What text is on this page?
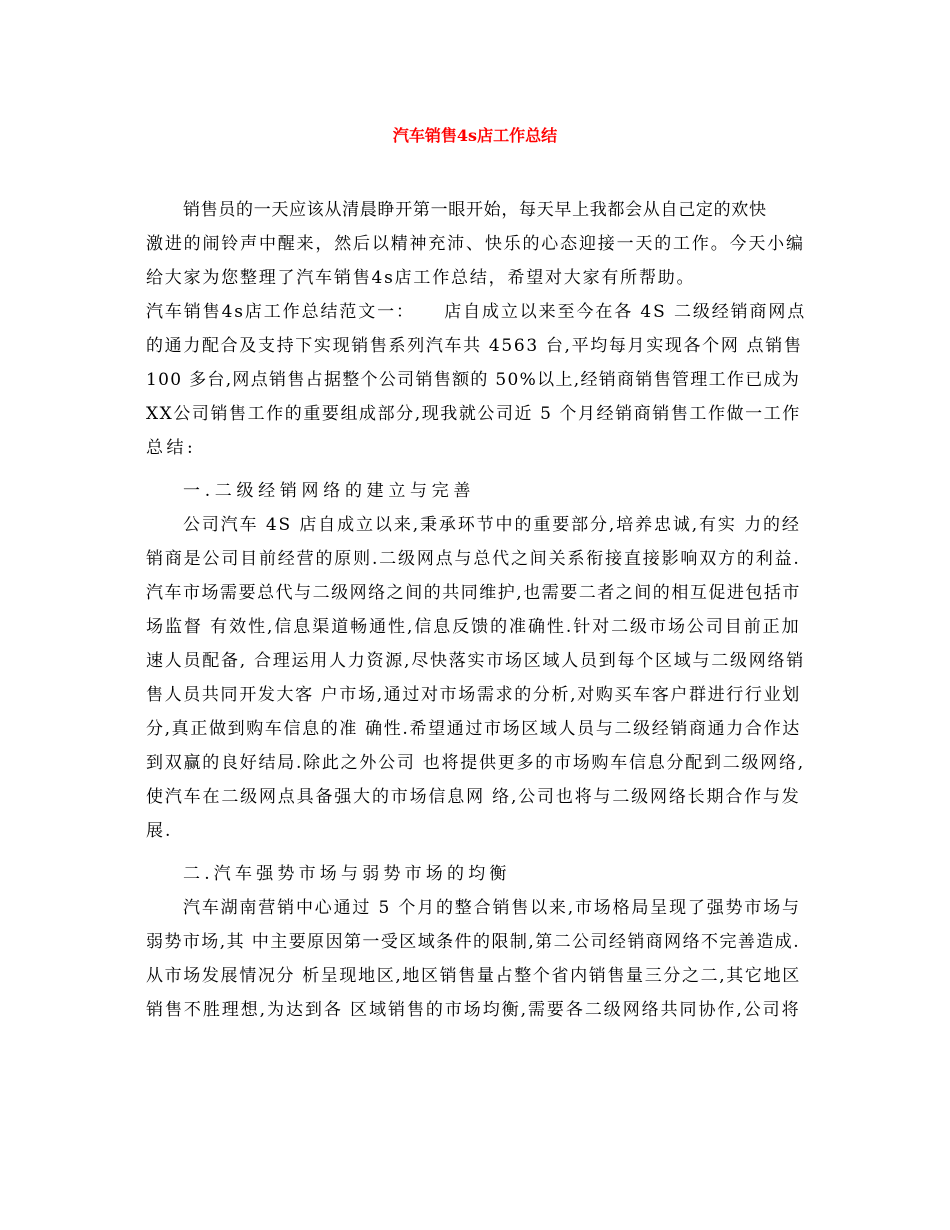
汽车销售4s店工作总结
销售员的一天应该从清晨睁开第一眼开始，每天早上我都会从自己定的欢快
激进的闹铃声中醒来，然后以精神充沛、快乐的心态迎接一天的工作。今天小编
给大家为您整理了汽车销售4s店工作总结，希望对大家有所帮助。
汽车销售4s店工作总结范文一：　　店自成立以来至今在各 4S 二级经销商网点
的通力配合及支持下实现销售系列汽车共 4563 台,平均每月实现各个网 点销售
100 多台,网点销售占据整个公司销售额的 50%以上,经销商销售管理工作已成为
XX公司销售工作的重要组成部分,现我就公司近 5 个月经销商销售工作做一工作
总结:
一.二级经销网络的建立与完善
公司汽车 4S 店自成立以来,秉承环节中的重要部分,培养忠诚,有实 力的经
销商是公司目前经营的原则.二级网点与总代之间关系衔接直接影响双方的利益.
汽车市场需要总代与二级网络之间的共同维护,也需要二者之间的相互促进包括市
场监督 有效性,信息渠道畅通性,信息反馈的准确性.针对二级市场公司目前正加
速人员配备, 合理运用人力资源,尽快落实市场区域人员到每个区域与二级网络销
售人员共同开发大客 户市场,通过对市场需求的分析,对购买车客户群进行行业划
分,真正做到购车信息的准 确性.希望通过市场区域人员与二级经销商通力合作达
到双赢的良好结局.除此之外公司 也将提供更多的市场购车信息分配到二级网络,
使汽车在二级网点具备强大的市场信息网 络,公司也将与二级网络长期合作与发
展.
二.汽车强势市场与弱势市场的均衡
汽车湖南营销中心通过 5 个月的整合销售以来,市场格局呈现了强势市场与
弱势市场,其 中主要原因第一受区域条件的限制,第二公司经销商网络不完善造成.
从市场发展情况分 析呈现地区,地区销售量占整个省内销售量三分之二,其它地区
销售不胜理想,为达到各 区域销售的市场均衡,需要各二级网络共同协作,公司将
